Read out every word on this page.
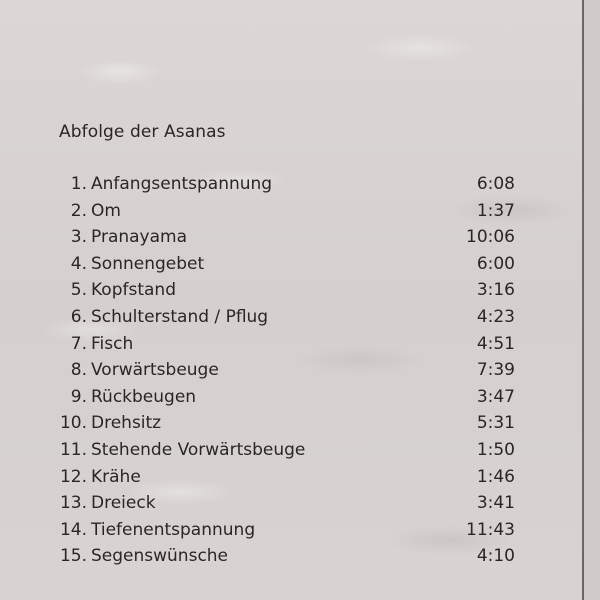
Abfolge der Asanas
1. Anfangsentspannung	6:08
2. Om	1:37
3. Pranayama	10:06
4. Sonnengebet	6:00
5. Kopfstand	3:16
6. Schulterstand / Pflug	4:23
7. Fisch	4:51
8. Vorwärtsbeuge	7:39
9. Rückbeugen	3:47
10. Drehsitz	5:31
11. Stehende Vorwärtsbeuge	1:50
12. Krähe	1:46
13. Dreieck	3:41
14. Tiefenentspannung	11:43
15. Segenswünsche	4:10
